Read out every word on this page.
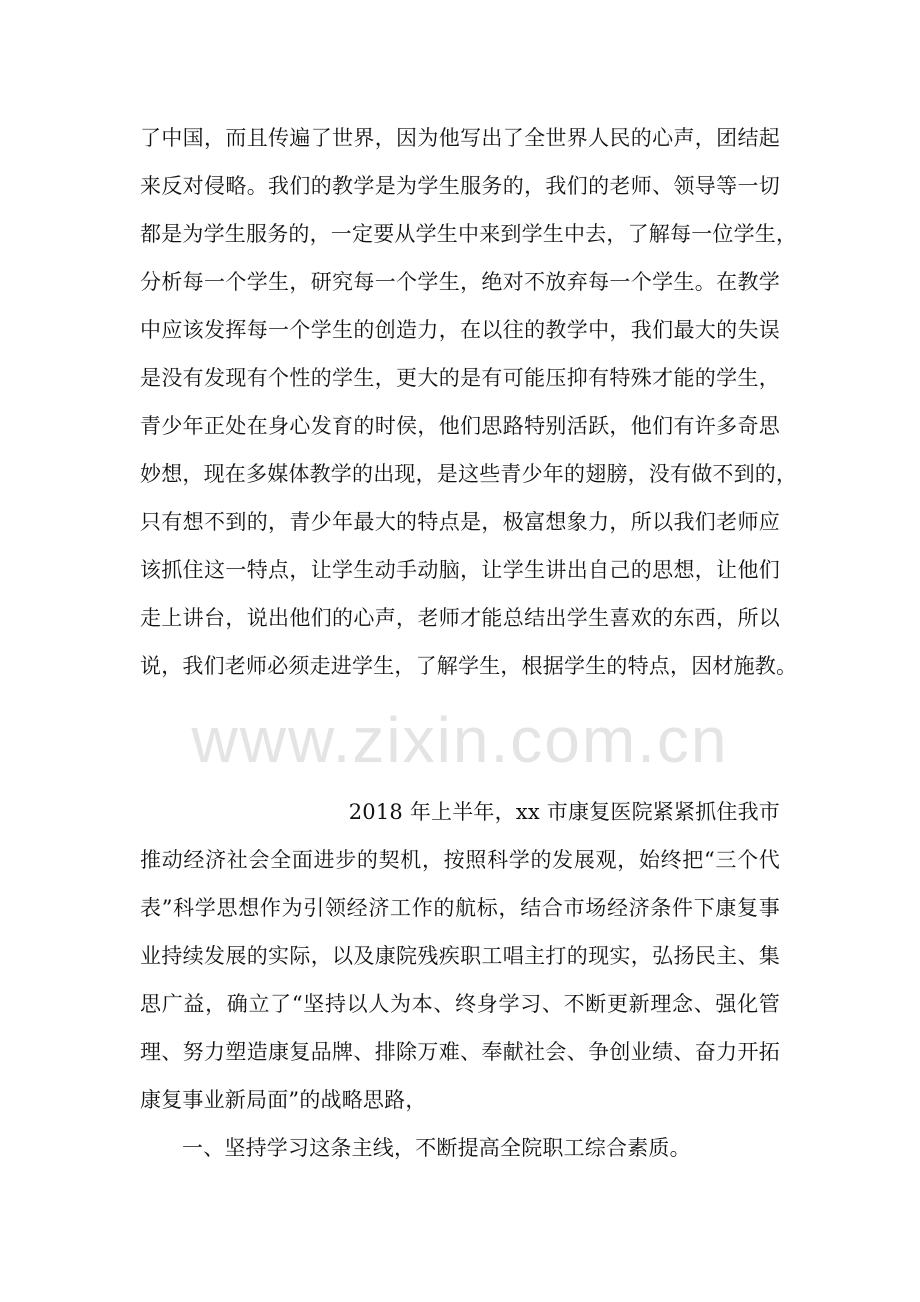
www.zixin.com.cn
了中国，而且传遍了世界，因为他写出了全世界人民的心声，团结起
来反对侵略。我们的教学是为学生服务的，我们的老师、领导等一切
都是为学生服务的，一定要从学生中来到学生中去，了解每一位学生，
分析每一个学生，研究每一个学生，绝对不放弃每一个学生。在教学
中应该发挥每一个学生的创造力，在以往的教学中，我们最大的失误
是没有发现有个性的学生，更大的是有可能压抑有特殊才能的学生，
青少年正处在身心发育的时侯，他们思路特别活跃，他们有许多奇思
妙想，现在多媒体教学的出现，是这些青少年的翅膀，没有做不到的，
只有想不到的，青少年最大的特点是，极富想象力，所以我们老师应
该抓住这一特点，让学生动手动脑，让学生讲出自己的思想，让他们
走上讲台，说出他们的心声，老师才能总结出学生喜欢的东西，所以
说，我们老师必须走进学生，了解学生，根据学生的特点，因材施教。
2018 年上半年，xx 市康复医院紧紧抓住我市
推动经济社会全面进步的契机，按照科学的发展观，始终把“三个代
表”科学思想作为引领经济工作的航标，结合市场经济条件下康复事
业持续发展的实际，以及康院残疾职工唱主打的现实，弘扬民主、集
思广益，确立了“坚持以人为本、终身学习、不断更新理念、强化管
理、努力塑造康复品牌、排除万难、奉献社会、争创业绩、奋力开拓
康复事业新局面”的战略思路，
一、坚持学习这条主线，不断提高全院职工综合素质。
